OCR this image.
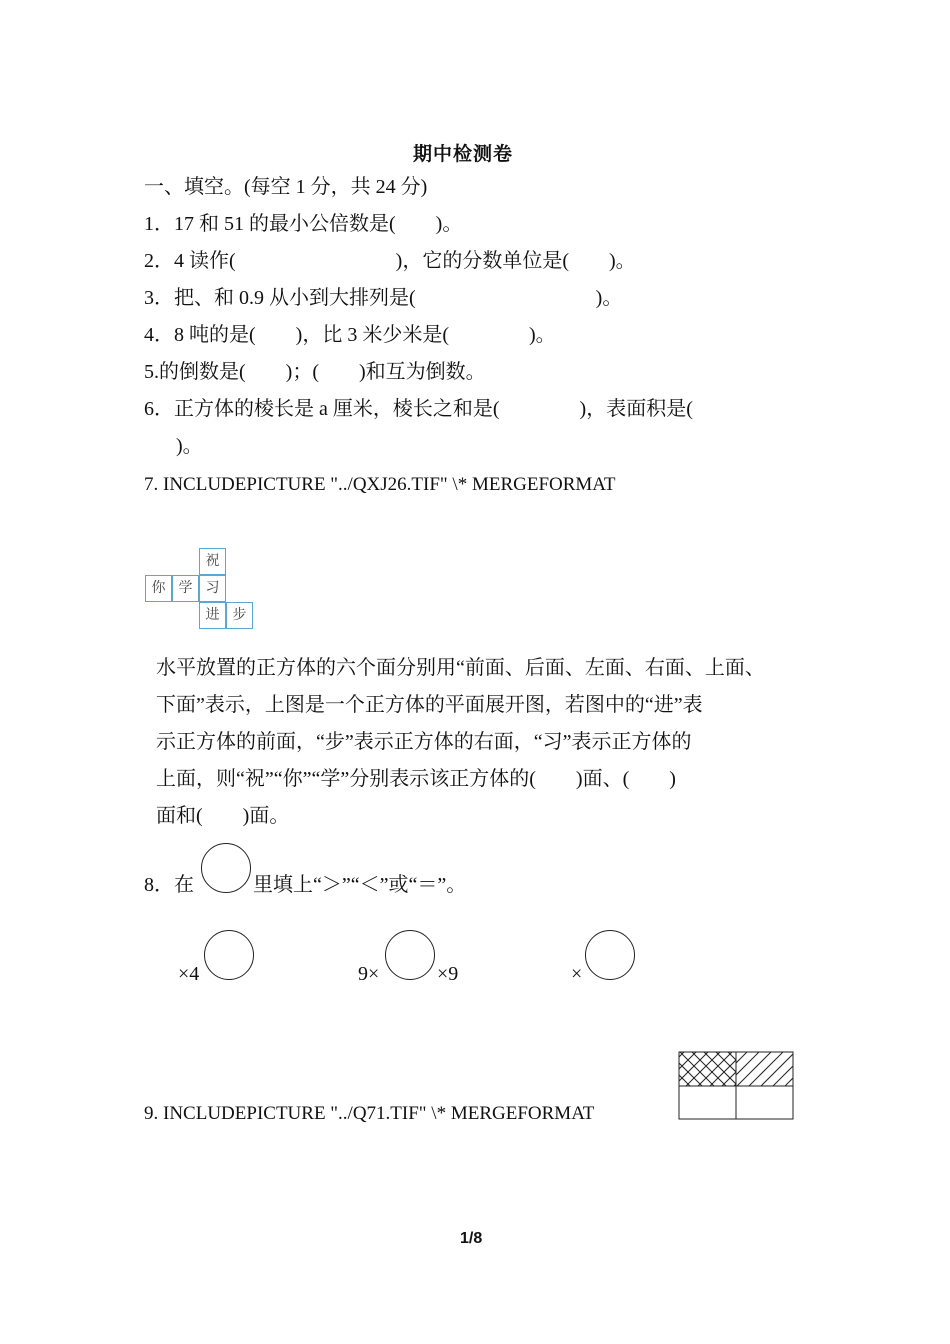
期中检测卷
一、填空。(每空 1 分，共 24 分)
1．17 和 51 的最小公倍数是(　　)。
2．4 读作(　　　　　　　　)，它的分数单位是(　　)。
3．把、和 0.9 从小到大排列是(　　　　　　　　　)。
4．8 吨的是(　　)，比 3 米少米是(　　　　)。
5.的倒数是(　　)；(　　)和互为倒数。
6．正方体的棱长是 a 厘米，棱长之和是(　　　　)，表面积是(
)。
7. INCLUDEPICTURE "../QXJ26.TIF" \* MERGEFORMAT
祝
你 学 习
进 步
水平放置的正方体的六个面分别用“前面、后面、左面、右面、上面、
下面”表示，上图是一个正方体的平面展开图，若图中的“进”表
示正方体的前面，“步”表示正方体的右面，“习”表示正方体的
上面，则“祝”“你”“学”分别表示该正方体的(　　)面、(　　)
面和(　　)面。
8．在	里填上“＞”“＜”或“＝”。
×4	9×	×9	×
9. INCLUDEPICTURE "../Q71.TIF" \* MERGEFORMAT
1/8
